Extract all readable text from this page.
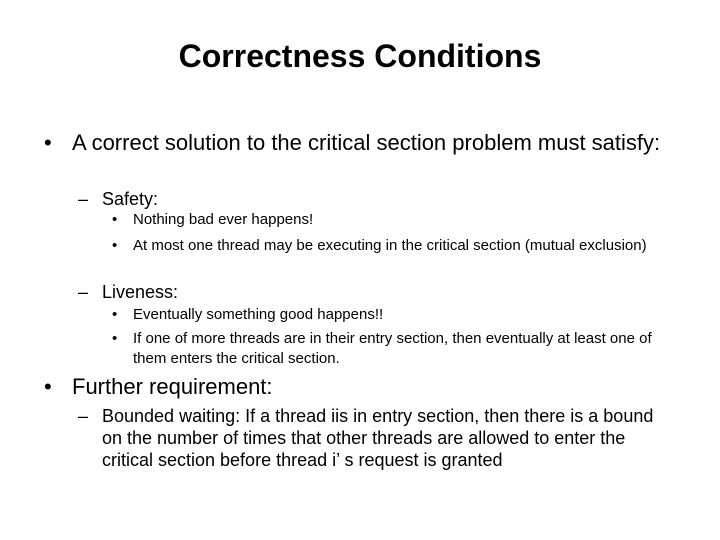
Correctness Conditions
• A correct solution to the critical section problem must satisfy:
– Safety:
• Nothing bad ever happens!
• At most one thread may be executing in the critical section (mutual exclusion)
– Liveness:
• Eventually something good happens!!
• If one of more threads are in their entry section, then eventually at least one of them enters the critical section.
• Further requirement:
– Bounded waiting: If a thread iis in entry section, then there is a bound on the number of times that other threads are allowed to enter the critical section before thread i’ s request is granted
